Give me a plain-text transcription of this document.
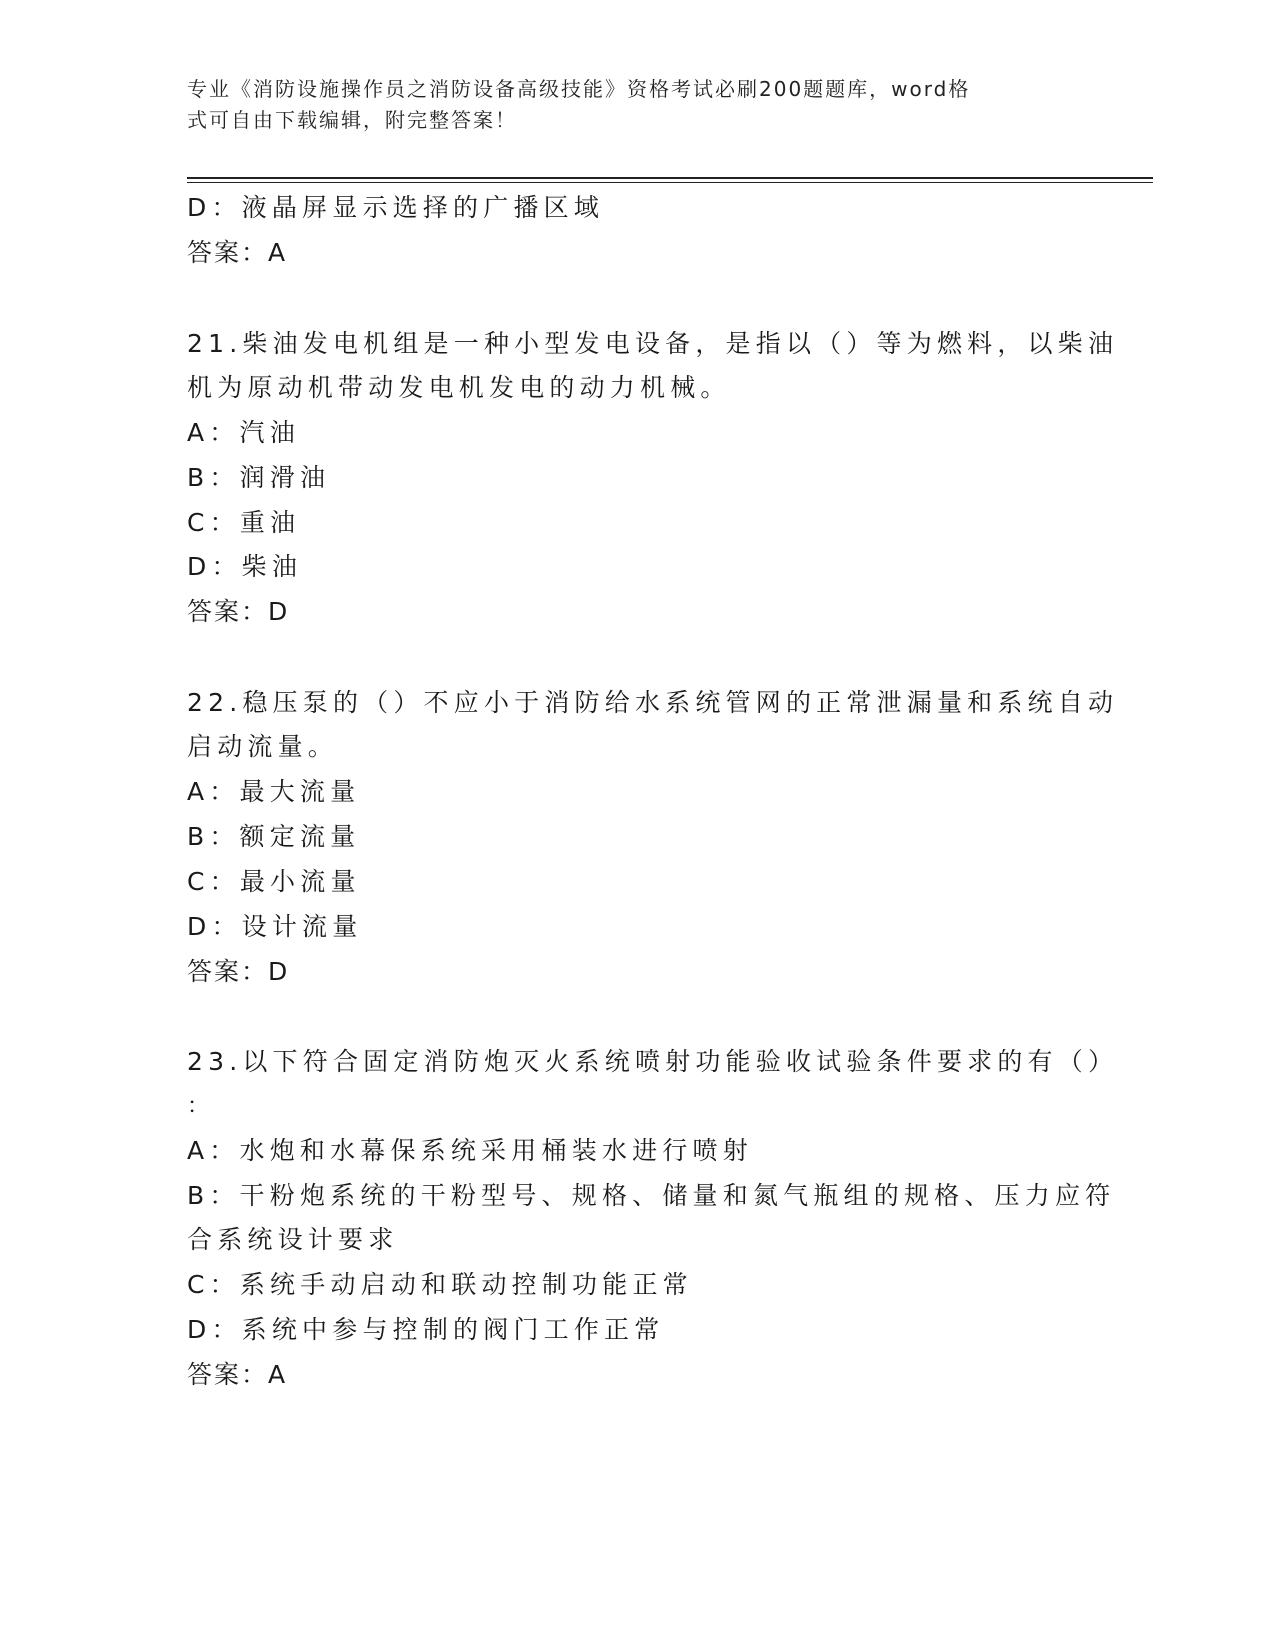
专业《消防设施操作员之消防设备高级技能》资格考试必刷200题题库，word格
式可自由下载编辑，附完整答案！
D：液晶屏显示选择的广播区域
答案：A
21.柴油发电机组是一种小型发电设备，是指以（）等为燃料，以柴油
机为原动机带动发电机发电的动力机械。
A：汽油
B：润滑油
C：重油
D：柴油
答案：D
22.稳压泵的（）不应小于消防给水系统管网的正常泄漏量和系统自动
启动流量。
A：最大流量
B：额定流量
C：最小流量
D：设计流量
答案：D
23.以下符合固定消防炮灭火系统喷射功能验收试验条件要求的有（）
：
A：水炮和水幕保系统采用桶装水进行喷射
B：干粉炮系统的干粉型号、规格、储量和氮气瓶组的规格、压力应符
合系统设计要求
C：系统手动启动和联动控制功能正常
D：系统中参与控制的阀门工作正常
答案：A
